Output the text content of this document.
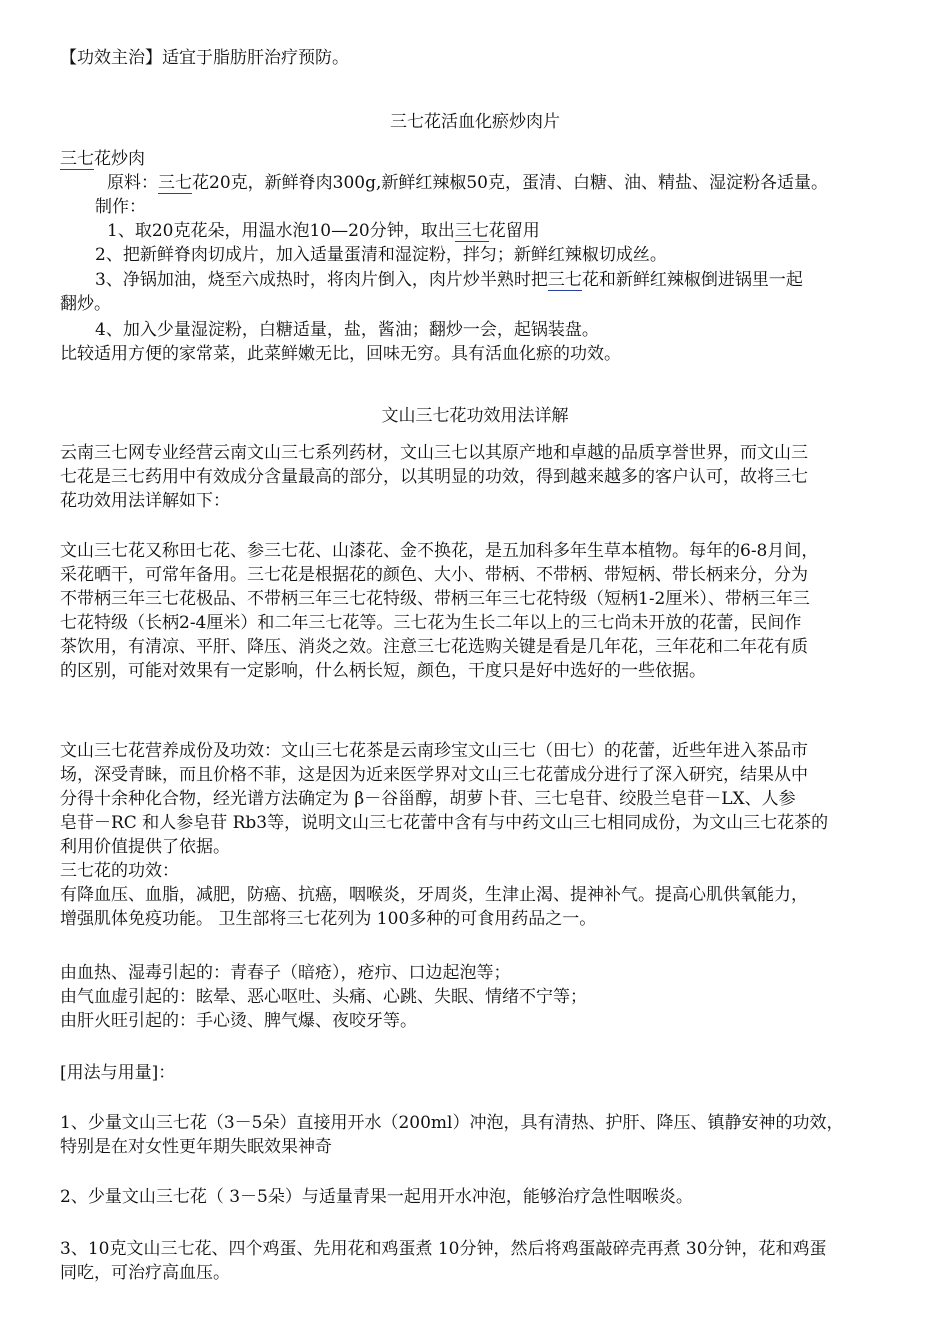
【功效主治】适宜于脂肪肝治疗预防。
三七花活血化瘀炒肉片
三七花炒肉
原料：三七花20克，新鲜脊肉300g,新鲜红辣椒50克，蛋清、白糖、油、精盐、湿淀粉各适量。
制作：
1、取20克花朵，用温水泡10—20分钟，取出三七花留用
2、把新鲜脊肉切成片，加入适量蛋清和湿淀粉，拌匀；新鲜红辣椒切成丝。
3、净锅加油，烧至六成热时，将肉片倒入，肉片炒半熟时把三七花和新鲜红辣椒倒进锅里一起
翻炒。
4、加入少量湿淀粉，白糖适量，盐，酱油；翻炒一会，起锅装盘。
比较适用方便的家常菜，此菜鲜嫩无比，回味无穷。具有活血化瘀的功效。
文山三七花功效用法详解
云南三七网专业经营云南文山三七系列药材，文山三七以其原产地和卓越的品质享誉世界，而文山三
七花是三七药用中有效成分含量最高的部分，以其明显的功效，得到越来越多的客户认可，故将三七
花功效用法详解如下：
文山三七花又称田七花、参三七花、山漆花、金不换花，是五加科多年生草本植物。每年的6-8月间，
采花晒干，可常年备用。三七花是根据花的颜色、大小、带柄、不带柄、带短柄、带长柄来分，分为
不带柄三年三七花极品、不带柄三年三七花特级、带柄三年三七花特级（短柄1-2厘米）、带柄三年三
七花特级（长柄2-4厘米）和二年三七花等。三七花为生长二年以上的三七尚未开放的花蕾，民间作
茶饮用，有清凉、平肝、降压、消炎之效。注意三七花选购关键是看是几年花，三年花和二年花有质
的区别，可能对效果有一定影响，什么柄长短，颜色，干度只是好中选好的一些依据。
文山三七花营养成份及功效：文山三七花茶是云南珍宝文山三七（田七）的花蕾，近些年进入茶品市
场，深受青睐，而且价格不菲，这是因为近来医学界对文山三七花蕾成分进行了深入研究，结果从中
分得十余种化合物，经光谱方法确定为 β－谷甾醇，胡萝卜苷、三七皂苷、绞股兰皂苷－LX、人参
皂苷－RC 和人参皂苷 Rb3等，说明文山三七花蕾中含有与中药文山三七相同成份，为文山三七花茶的
利用价值提供了依据。
三七花的功效：
有降血压、血脂，减肥，防癌、抗癌，咽喉炎，牙周炎，生津止渴、提神补气。提高心肌供氧能力，
增强肌体免疫功能。 卫生部将三七花列为 100多种的可食用药品之一。
由血热、湿毒引起的：青春子（暗疮），疮疖、口边起泡等；
由气血虚引起的：眩晕、恶心呕吐、头痛、心跳、失眠、情绪不宁等；
由肝火旺引起的：手心烫、脾气爆、夜咬牙等。
[用法与用量]：
1、少量文山三七花（3－5朵）直接用开水（200ml）冲泡，具有清热、护肝、降压、镇静安神的功效，
特别是在对女性更年期失眠效果神奇
2、少量文山三七花（ 3－5朵）与适量青果一起用开水冲泡，能够治疗急性咽喉炎。
3、10克文山三七花、四个鸡蛋、先用花和鸡蛋煮 10分钟，然后将鸡蛋敲碎壳再煮 30分钟，花和鸡蛋
同吃，可治疗高血压。
